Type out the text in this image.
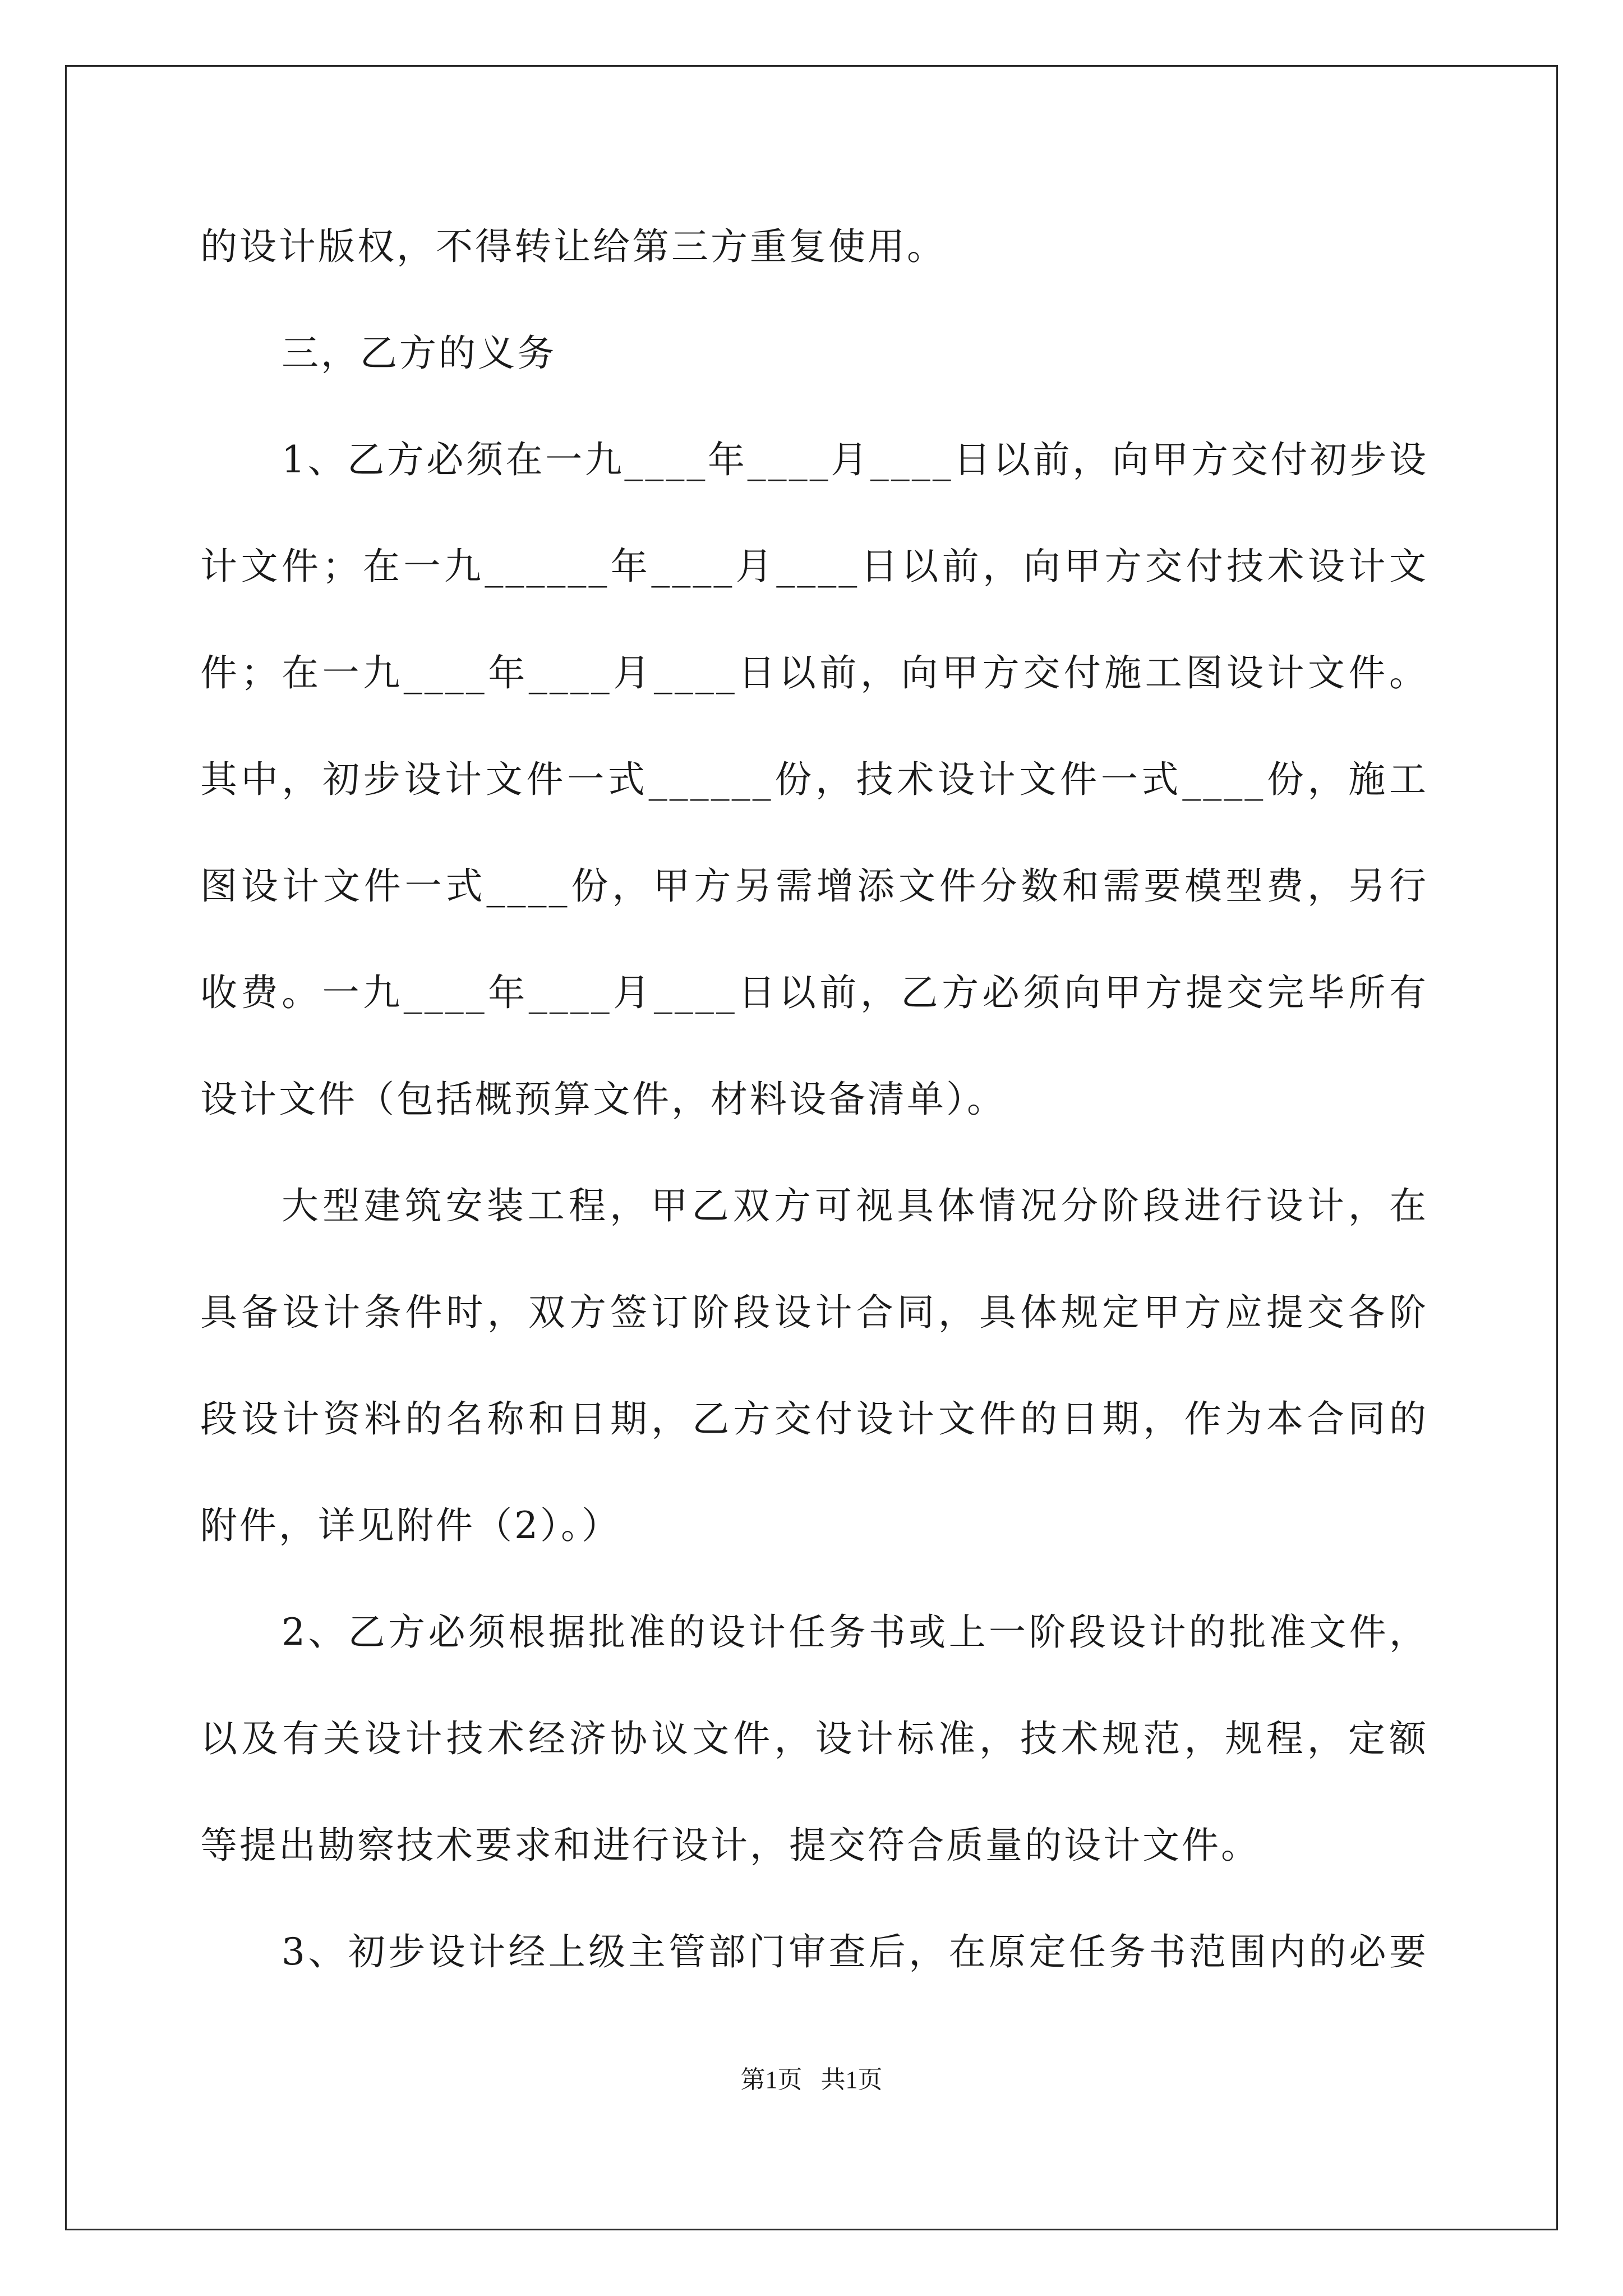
的设计版权，不得转让给第三方重复使用。
三，乙方的义务
1、乙方必须在一九____年____月____日以前，向甲方交付初步设
计文件；在一九______年____月____日以前，向甲方交付技术设计文
件；在一九____年____月____日以前，向甲方交付施工图设计文件。
其中，初步设计文件一式______份，技术设计文件一式____份，施工
图设计文件一式____份，甲方另需增添文件分数和需要模型费，另行
收费。一九____年____月____日以前，乙方必须向甲方提交完毕所有
设计文件（包括概预算文件，材料设备清单）。
大型建筑安装工程，甲乙双方可视具体情况分阶段进行设计，在
具备设计条件时，双方签订阶段设计合同，具体规定甲方应提交各阶
段设计资料的名称和日期，乙方交付设计文件的日期，作为本合同的
附件，详见附件（2）。）
2、乙方必须根据批准的设计任务书或上一阶段设计的批准文件，
以及有关设计技术经济协议文件，设计标准，技术规范，规程，定额
等提出勘察技术要求和进行设计，提交符合质量的设计文件。
3、初步设计经上级主管部门审查后，在原定任务书范围内的必要
第1页   共1页
